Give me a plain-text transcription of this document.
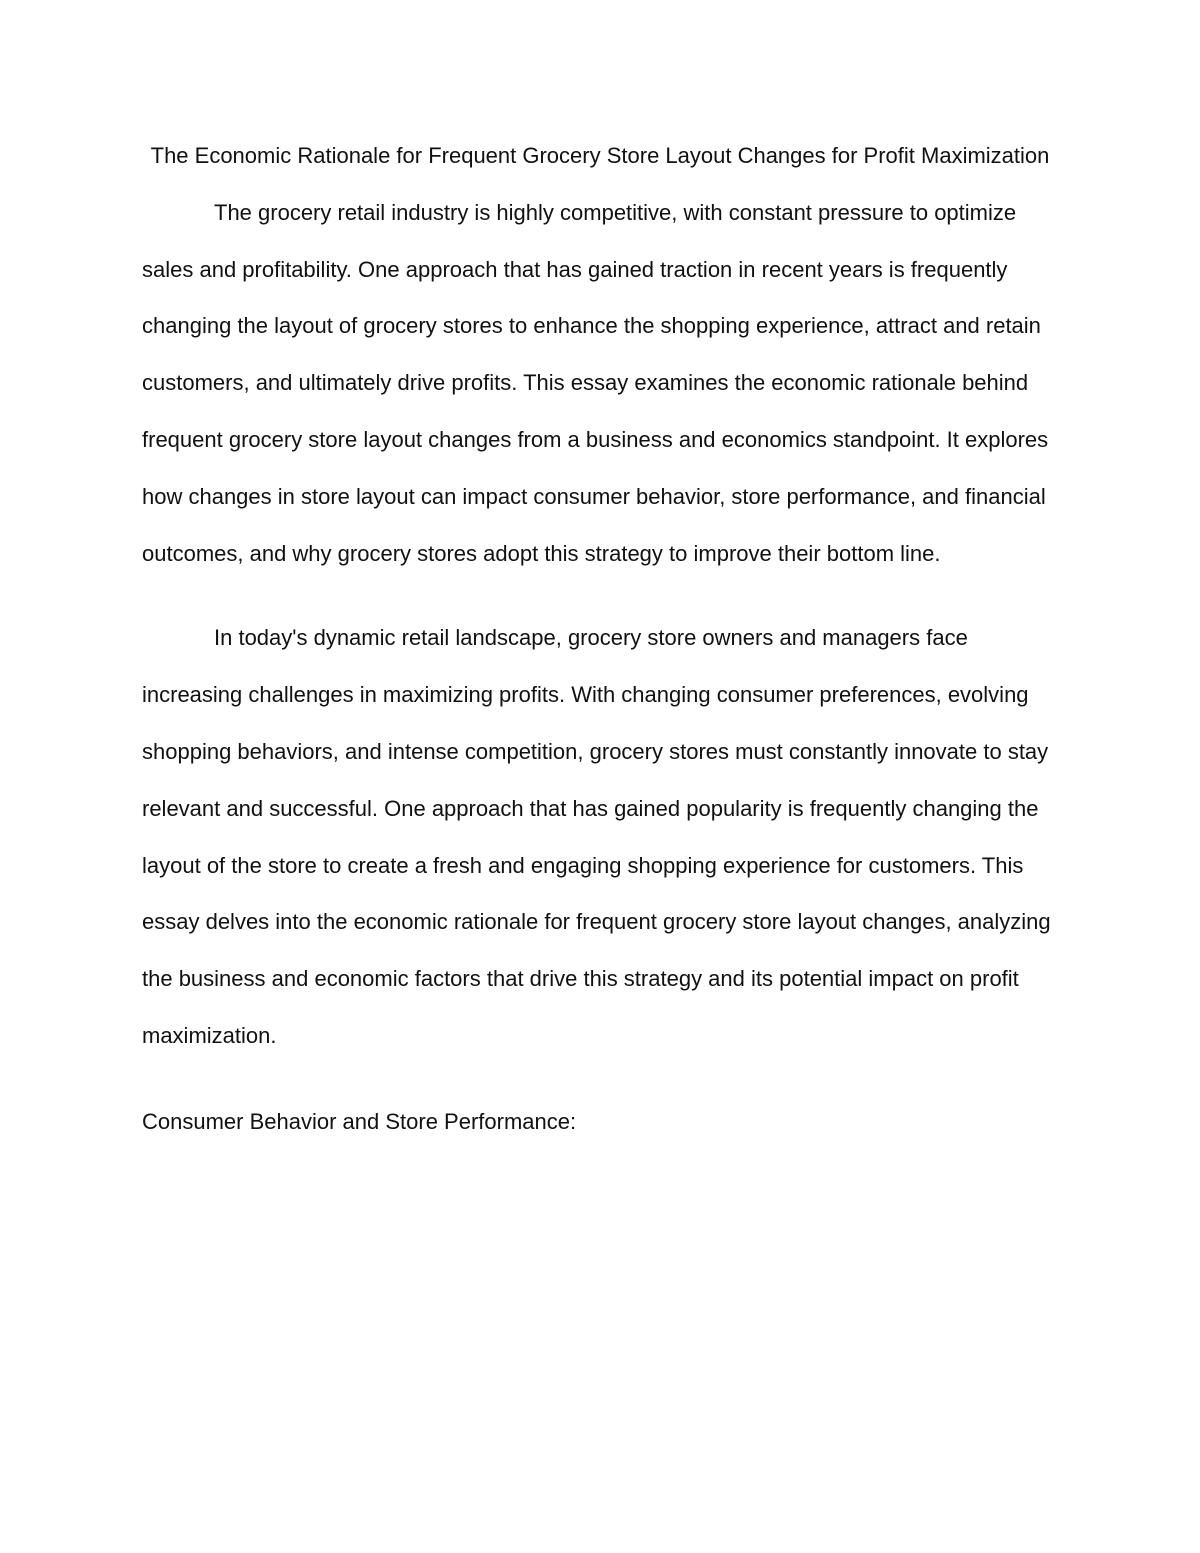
The Economic Rationale for Frequent Grocery Store Layout Changes for Profit Maximization

The grocery retail industry is highly competitive, with constant pressure to optimize sales and profitability. One approach that has gained traction in recent years is frequently changing the layout of grocery stores to enhance the shopping experience, attract and retain customers, and ultimately drive profits. This essay examines the economic rationale behind frequent grocery store layout changes from a business and economics standpoint. It explores how changes in store layout can impact consumer behavior, store performance, and financial outcomes, and why grocery stores adopt this strategy to improve their bottom line.

In today's dynamic retail landscape, grocery store owners and managers face increasing challenges in maximizing profits. With changing consumer preferences, evolving shopping behaviors, and intense competition, grocery stores must constantly innovate to stay relevant and successful. One approach that has gained popularity is frequently changing the layout of the store to create a fresh and engaging shopping experience for customers. This essay delves into the economic rationale for frequent grocery store layout changes, analyzing the business and economic factors that drive this strategy and its potential impact on profit maximization.

Consumer Behavior and Store Performance:
